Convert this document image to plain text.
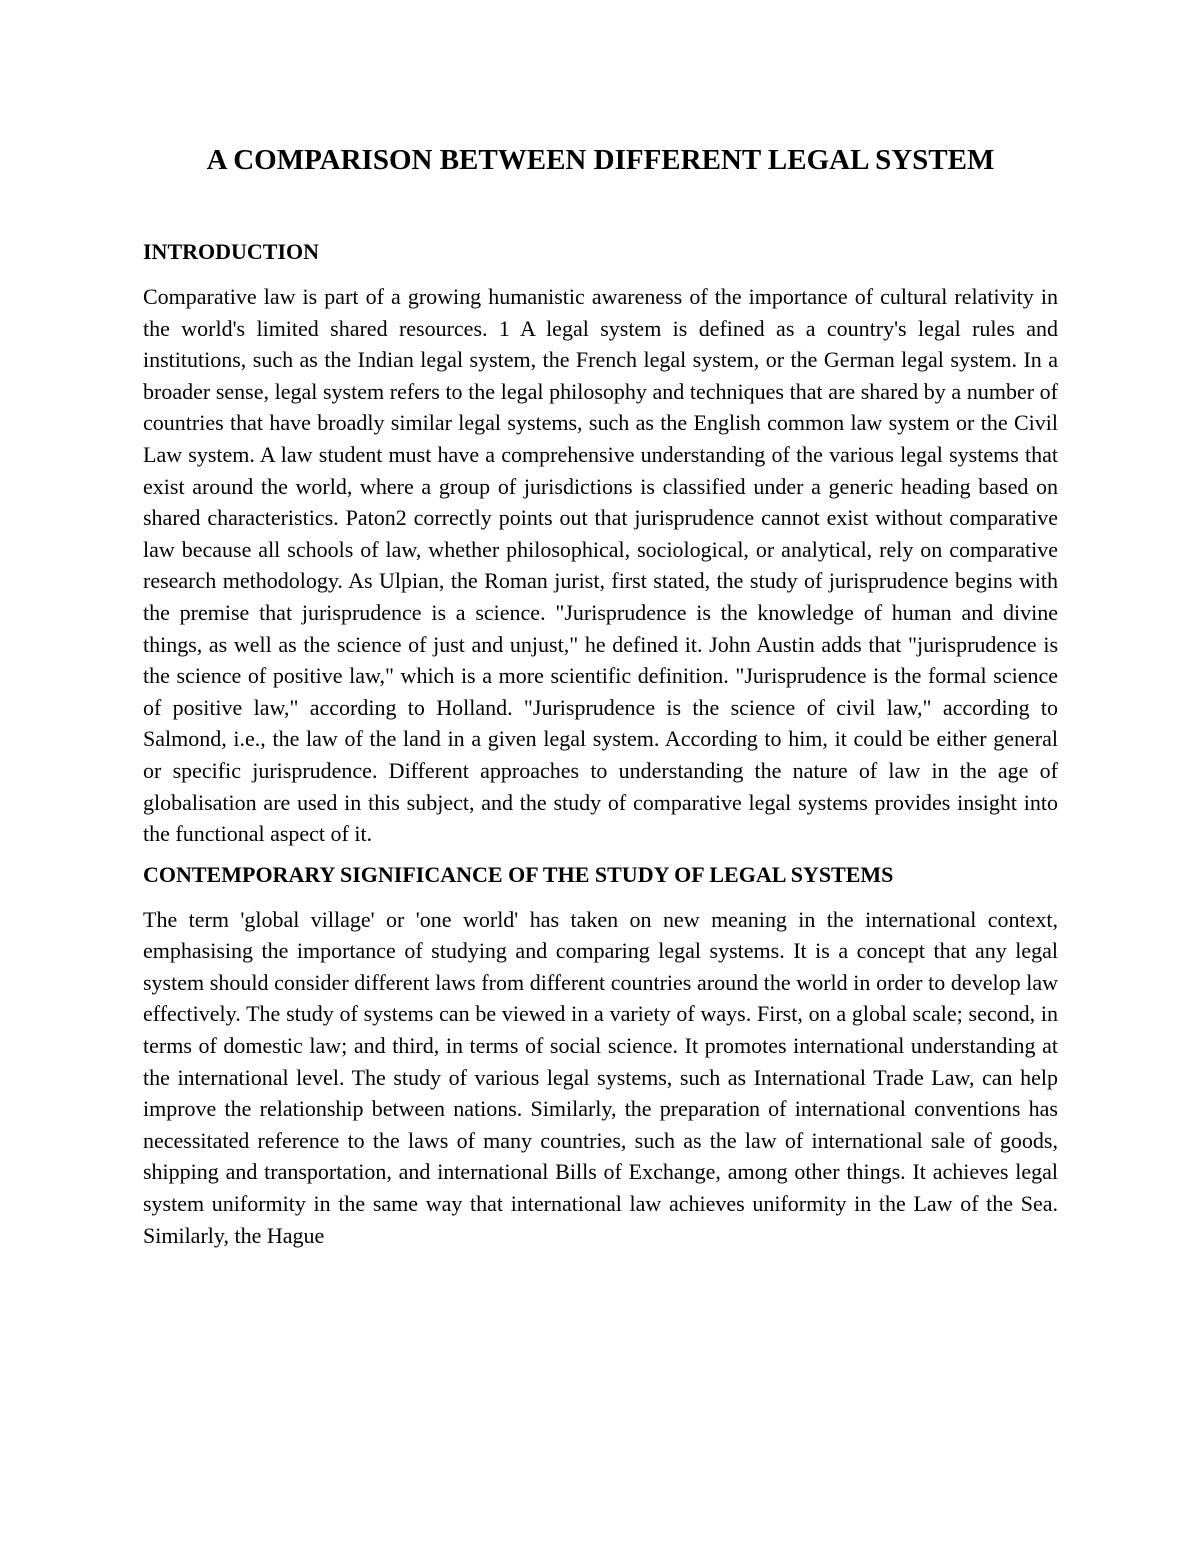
A COMPARISON BETWEEN DIFFERENT LEGAL SYSTEM
INTRODUCTION

Comparative law is part of a growing humanistic awareness of the importance of cultural relativity in the world's limited shared resources. 1 A legal system is defined as a country's legal rules and institutions, such as the Indian legal system, the French legal system, or the German legal system. In a broader sense, legal system refers to the legal philosophy and techniques that are shared by a number of countries that have broadly similar legal systems, such as the English common law system or the Civil Law system. A law student must have a comprehensive understanding of the various legal systems that exist around the world, where a group of jurisdictions is classified under a generic heading based on shared characteristics. Paton2 correctly points out that jurisprudence cannot exist without comparative law because all schools of law, whether philosophical, sociological, or analytical, rely on comparative research methodology. As Ulpian, the Roman jurist, first stated, the study of jurisprudence begins with the premise that jurisprudence is a science. "Jurisprudence is the knowledge of human and divine things, as well as the science of just and unjust," he defined it. John Austin adds that "jurisprudence is the science of positive law," which is a more scientific definition. "Jurisprudence is the formal science of positive law," according to Holland. "Jurisprudence is the science of civil law," according to Salmond, i.e., the law of the land in a given legal system. According to him, it could be either general or specific jurisprudence. Different approaches to understanding the nature of law in the age of globalisation are used in this subject, and the study of comparative legal systems provides insight into the functional aspect of it.

CONTEMPORARY SIGNIFICANCE OF THE STUDY OF LEGAL SYSTEMS

The term 'global village' or 'one world' has taken on new meaning in the international context, emphasising the importance of studying and comparing legal systems. It is a concept that any legal system should consider different laws from different countries around the world in order to develop law effectively. The study of systems can be viewed in a variety of ways. First, on a global scale; second, in terms of domestic law; and third, in terms of social science. It promotes international understanding at the international level. The study of various legal systems, such as International Trade Law, can help improve the relationship between nations. Similarly, the preparation of international conventions has necessitated reference to the laws of many countries, such as the law of international sale of goods, shipping and transportation, and international Bills of Exchange, among other things. It achieves legal system uniformity in the same way that international law achieves uniformity in the Law of the Sea. Similarly, the Hague
